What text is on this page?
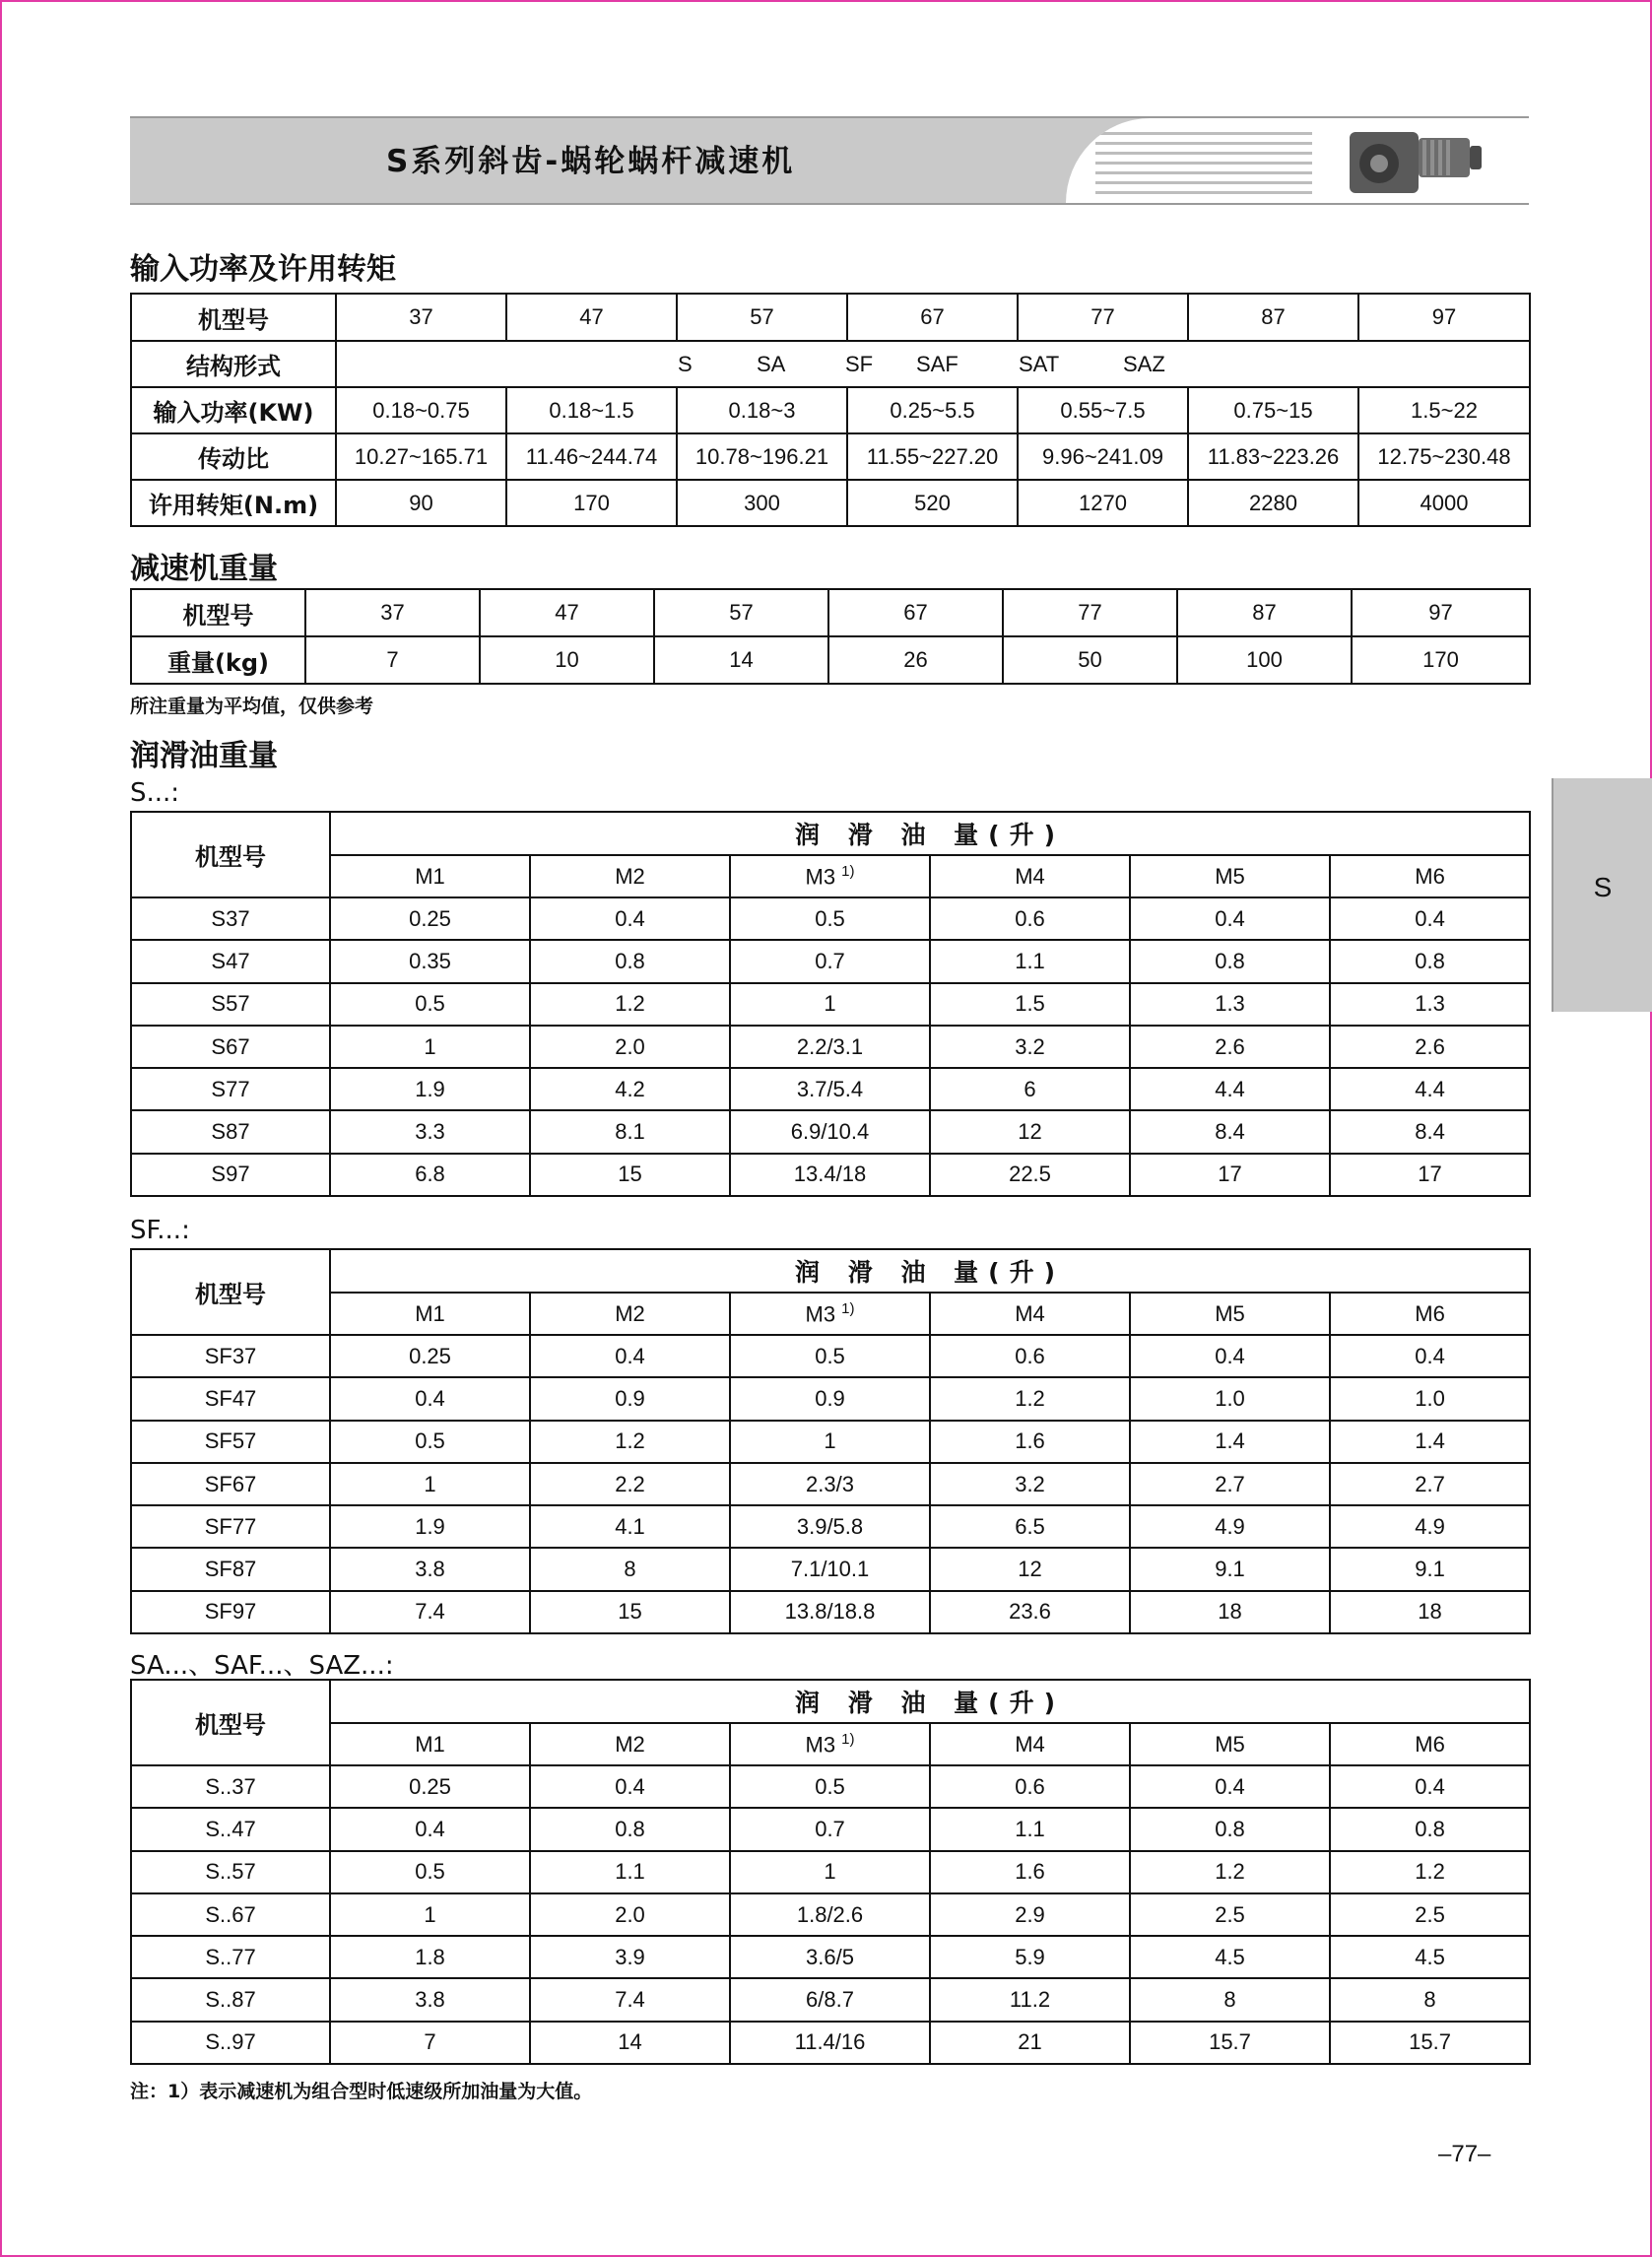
S系列斜齿-蜗轮蜗杆减速机
输入功率及许用转矩
机型号	37	47	57	67	77	87	97
结构形式	S SA SF SAF SAT SAZ						
输入功率(KW)	0.18~0.75	0.18~1.5	0.18~3	0.25~5.5	0.55~7.5	0.75~15	1.5~22
传动比	10.27~165.71	11.46~244.74	10.78~196.21	11.55~227.20	9.96~241.09	11.83~223.26	12.75~230.48
许用转矩(N.m)	90	170	300	520	1270	2280	4000
减速机重量
机型号	37	47	57	67	77	87	97
重量(kg)	7	10	14	26	50	100	170
所注重量为平均值，仅供参考
润滑油重量
S...:
机型号	润 滑 油 量(升)					
	M1	M2	M3 $^{1)}$	M4	M5	M6
S37	0.25	0.4	0.5	0.6	0.4	0.4
S47	0.35	0.8	0.7	1.1	0.8	0.8
S57	0.5	1.2	1	1.5	1.3	1.3
S67	1	2.0	2.2/3.1	3.2	2.6	2.6
S77	1.9	4.2	3.7/5.4	6	4.4	4.4
S87	3.3	8.1	6.9/10.4	12	8.4	8.4
S97	6.8	15	13.4/18	22.5	17	17
SF...:
机型号	润 滑 油 量(升)					
	M1	M2	M3 $^{1)}$	M4	M5	M6
SF37	0.25	0.4	0.5	0.6	0.4	0.4
SF47	0.4	0.9	0.9	1.2	1.0	1.0
SF57	0.5	1.2	1	1.6	1.4	1.4
SF67	1	2.2	2.3/3	3.2	2.7	2.7
SF77	1.9	4.1	3.9/5.8	6.5	4.9	4.9
SF87	3.8	8	7.1/10.1	12	9.1	9.1
SF97	7.4	15	13.8/18.8	23.6	18	18
SA...、SAF...、SAZ...:
机型号	润 滑 油 量(升)					
	M1	M2	M3 $^{1)}$	M4	M5	M6
S..37	0.25	0.4	0.5	0.6	0.4	0.4
S..47	0.4	0.8	0.7	1.1	0.8	0.8
S..57	0.5	1.1	1	1.6	1.2	1.2
S..67	1	2.0	1.8/2.6	2.9	2.5	2.5
S..77	1.8	3.9	3.6/5	5.9	4.5	4.5
S..87	3.8	7.4	6/8.7	11.2	8	8
S..97	7	14	11.4/16	21	15.7	15.7
注：1）表示减速机为组合型时低速级所加油量为大值。
S
–77–
